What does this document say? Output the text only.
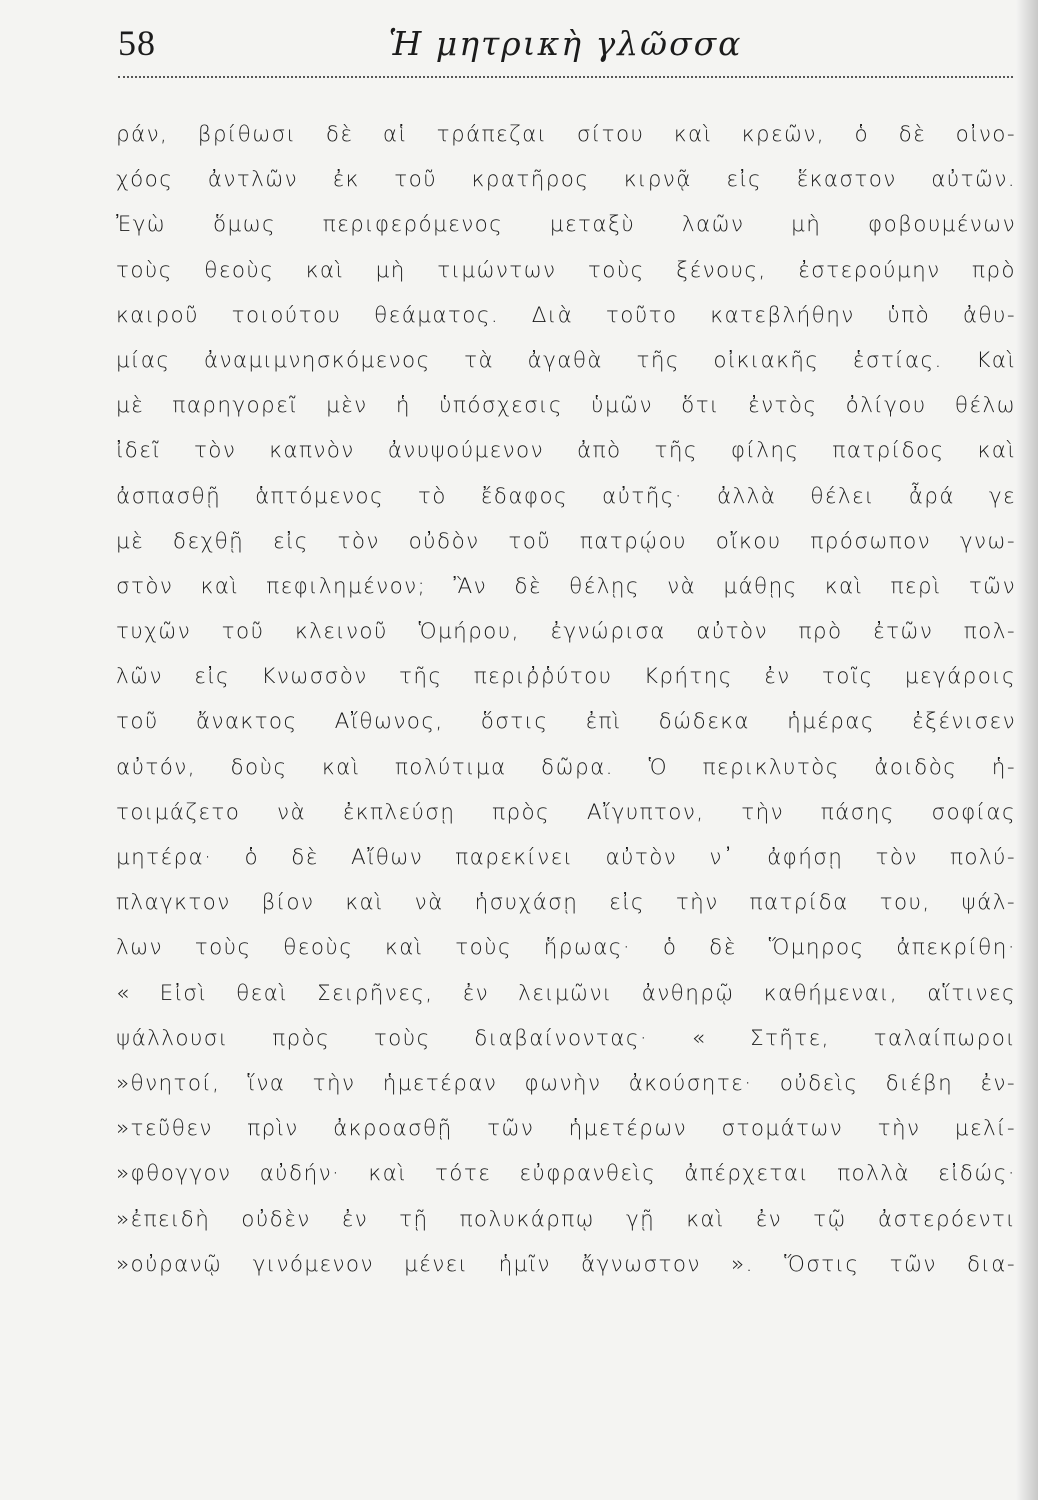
58	Ἡ μητρικὴ γλῶσσα
ράν, βρίθωσι δὲ αἱ τράπεζαι σίτου καὶ κρεῶν, ὁ δὲ οἰνο-
χόος ἀντλῶν ἐκ τοῦ κρατῆρος κιρνᾷ εἰς ἕκαστον αὐτῶν.
Ἐγὼ ὅμως περιφερόμενος μεταξὺ λαῶν μὴ φοβουμένων
τοὺς θεοὺς καὶ μὴ τιμώντων τοὺς ξένους, ἐστερούμην πρὸ
καιροῦ τοιούτου θεάματος. Διὰ τοῦτο κατεβλήθην ὑπὸ ἀθυ-
μίας ἀναμιμνησκόμενος τὰ ἀγαθὰ τῆς οἰκιακῆς ἑστίας. Καὶ
μὲ παρηγορεῖ μὲν ἡ ὑπόσχεσις ὑμῶν ὅτι ἐντὸς ὀλίγου θέλω
ἰδεῖ τὸν καπνὸν ἀνυψούμενον ἀπὸ τῆς φίλης πατρίδος καὶ
ἀσπασθῇ ἁπτόμενος τὸ ἔδαφος αὐτῆς· ἀλλὰ θέλει ἆρά γε
μὲ δεχθῇ εἰς τὸν οὐδὸν τοῦ πατρῴου οἴκου πρόσωπον γνω-
στὸν καὶ πεφιλημένον; Ἂν δὲ θέλῃς νὰ μάθῃς καὶ περὶ τῶν
τυχῶν τοῦ κλεινοῦ Ὁμήρου, ἐγνώρισα αὐτὸν πρὸ ἐτῶν πολ-
λῶν εἰς Κνωσσὸν τῆς περιῤῥύτου Κρήτης ἐν τοῖς μεγάροις
τοῦ ἄνακτος Αἴθωνος, ὅστις ἐπὶ δώδεκα ἡμέρας ἐξένισεν
αὐτόν, δοὺς καὶ πολύτιμα δῶρα. Ὁ περικλυτὸς ἀοιδὸς ἡ-
τοιμάζετο νὰ ἐκπλεύσῃ πρὸς Αἴγυπτον, τὴν πάσης σοφίας
μητέρα· ὁ δὲ Αἴθων παρεκίνει αὐτὸν ν᾽ ἀφήσῃ τὸν πολύ-
πλαγκτον βίον καὶ νὰ ἡσυχάσῃ εἰς τὴν πατρίδα του, ψάλ-
λων τοὺς θεοὺς καὶ τοὺς ἥρωας· ὁ δὲ Ὅμηρος ἀπεκρίθη·
« Εἰσὶ θεαὶ Σειρῆνες, ἐν λειμῶνι ἀνθηρῷ καθήμεναι, αἵτινες
ψάλλουσι πρὸς τοὺς διαβαίνοντας· « Στῆτε, ταλαίπωροι
»θνητοί, ἵνα τὴν ἡμετέραν φωνὴν ἀκούσητε· οὐδεὶς διέβη ἐν-
»τεῦθεν πρὶν ἀκροασθῇ τῶν ἡμετέρων στομάτων τὴν μελί-
»φθογγον αὐδήν· καὶ τότε εὐφρανθεὶς ἀπέρχεται πολλὰ εἰδώς·
»ἐπειδὴ οὐδὲν ἐν τῇ πολυκάρπῳ γῇ καὶ ἐν τῷ ἀστερόεντι
»οὐρανῷ γινόμενον μένει ἡμῖν ἄγνωστον ». Ὅστις τῶν δια-
